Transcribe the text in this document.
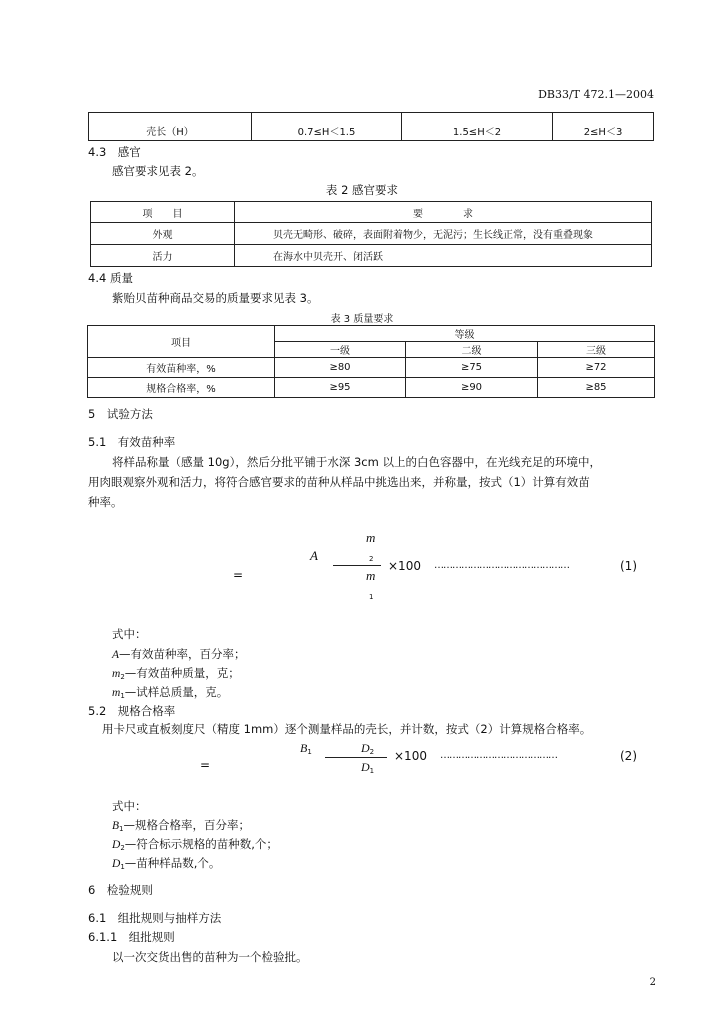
DB33/T 472.1—2004
壳长（H）	0.7≤H＜1.5	1.5≤H＜2	2≤H＜3
4.3　感官
感官要求见表 2。
表 2 感官要求
项　　目	要　　　　求
外观	贝壳无畸形、破碎，表面附着物少，无泥污；生长线正常，没有重叠现象
活力	在海水中贝壳开、闭活跃
4.4 质量
紫贻贝苗种商品交易的质量要求见表 3。
表 3 质量要求
项目	等级		
	一级	二级	三级
有效苗种率，%	≥80	≥75	≥72
规格合格率，%	≥95	≥90	≥85
5　试验方法
5.1　有效苗种率
将样品称量（感量 10g），然后分批平铺于水深 3cm 以上的白色容器中，在光线充足的环境中，
用肉眼观察外观和活力，将符合感官要求的苗种从样品中挑选出来，并称量，按式（1）计算有效苗
种率。
A
=
m
2
m
1
×100 ………………………………………	(1)
式中：
A—有效苗种率，百分率；
$m_2—$有效苗种质量，克；
$m_1—$试样总质量，克。
5.2　规格合格率
用卡尺或直板刻度尺（精度 1mm）逐个测量样品的壳长，并计数，按式（2）计算规格合格率。
$B_1$
=
$D_2$
$D_1$
×100 …………………………………	(2)
式中：
$B_1—$规格合格率，百分率；
$D_2—$符合标示规格的苗种数,个；
$D_1—$苗种样品数,个。
6　检验规则
6.1　组批规则与抽样方法
6.1.1　组批规则
以一次交货出售的苗种为一个检验批。
2
